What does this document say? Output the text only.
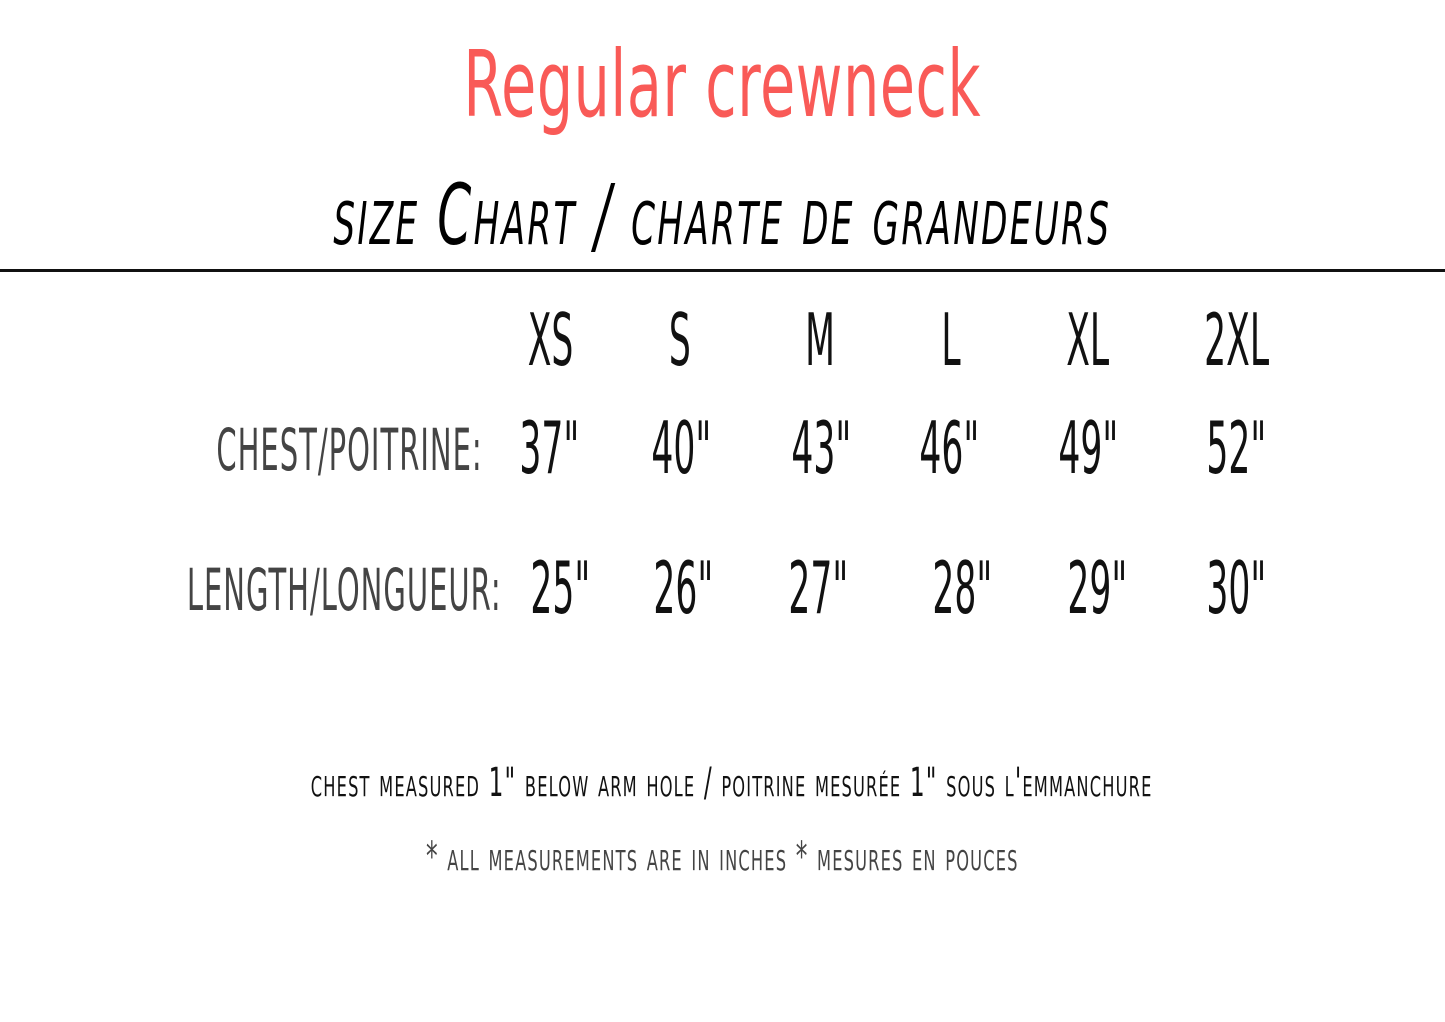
Regular crewneck
size Chart / charte de grandeurs
XS	S	M	L	XL	2XL
CHEST/POITRINE: 37"	40"	43" 46"	49"	52"
LENGTH/LONGUEUR: 25" 26"	27"	28"	29"	30"
chest measured 1" below arm hole / poitrine mesurée 1" sous l'emmanchure
* all measurements are in inches * mesures en pouces
